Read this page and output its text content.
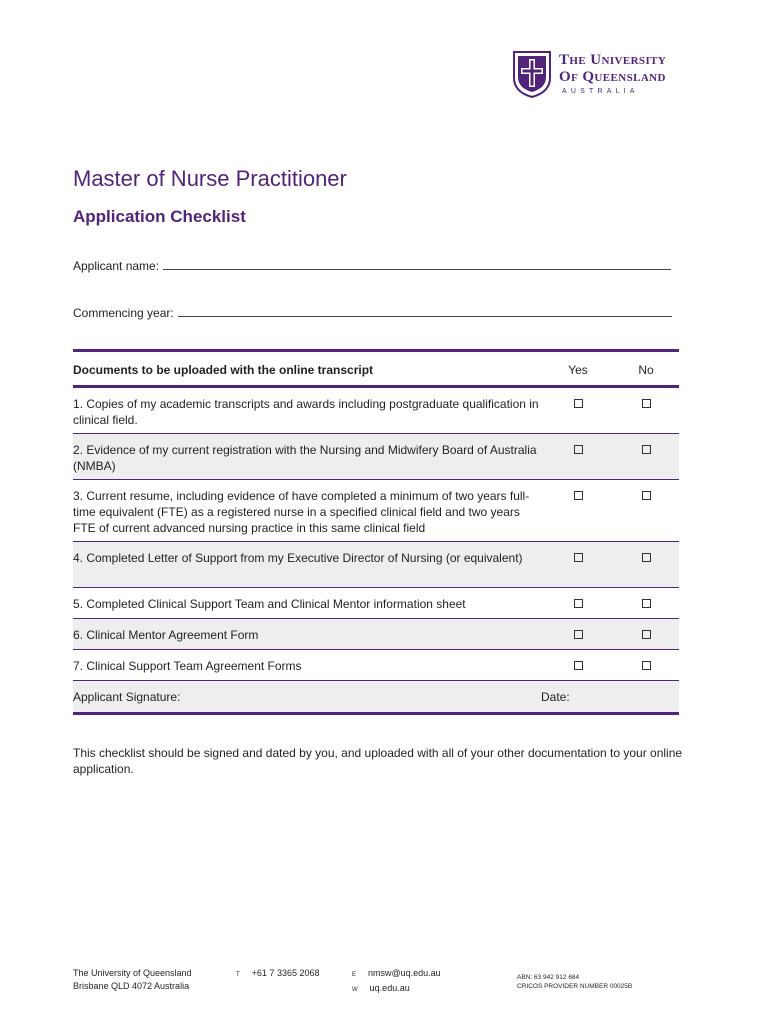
The University
Of Queensland
AUSTRALIA
Master of Nurse Practitioner
Application Checklist
Applicant name:
Commencing year:
Documents to be uploaded with the online transcript	Yes	No
1. Copies of my academic transcripts and awards including postgraduate qualification in clinical field.
2. Evidence of my current registration with the Nursing and Midwifery Board of Australia (NMBA)
3. Current resume, including evidence of have completed a minimum of two years full-time equivalent (FTE) as a registered nurse in a specified clinical field and two years FTE of current advanced nursing practice in this same clinical field
4. Completed Letter of Support from my Executive Director of Nursing (or equivalent)
5. Completed Clinical Support Team and Clinical Mentor information sheet
6. Clinical Mentor Agreement Form
7. Clinical Support Team Agreement Forms
Applicant Signature:	Date:
This checklist should be signed and dated by you, and uploaded with all of your other documentation to your online application.
The University of Queensland
Brisbane QLD 4072 Australia
T +61 7 3365 2068	E nmsw@uq.edu.au
W uq.edu.au
ABN: 63 942 912 684
CRICOS PROVIDER NUMBER 00025B
